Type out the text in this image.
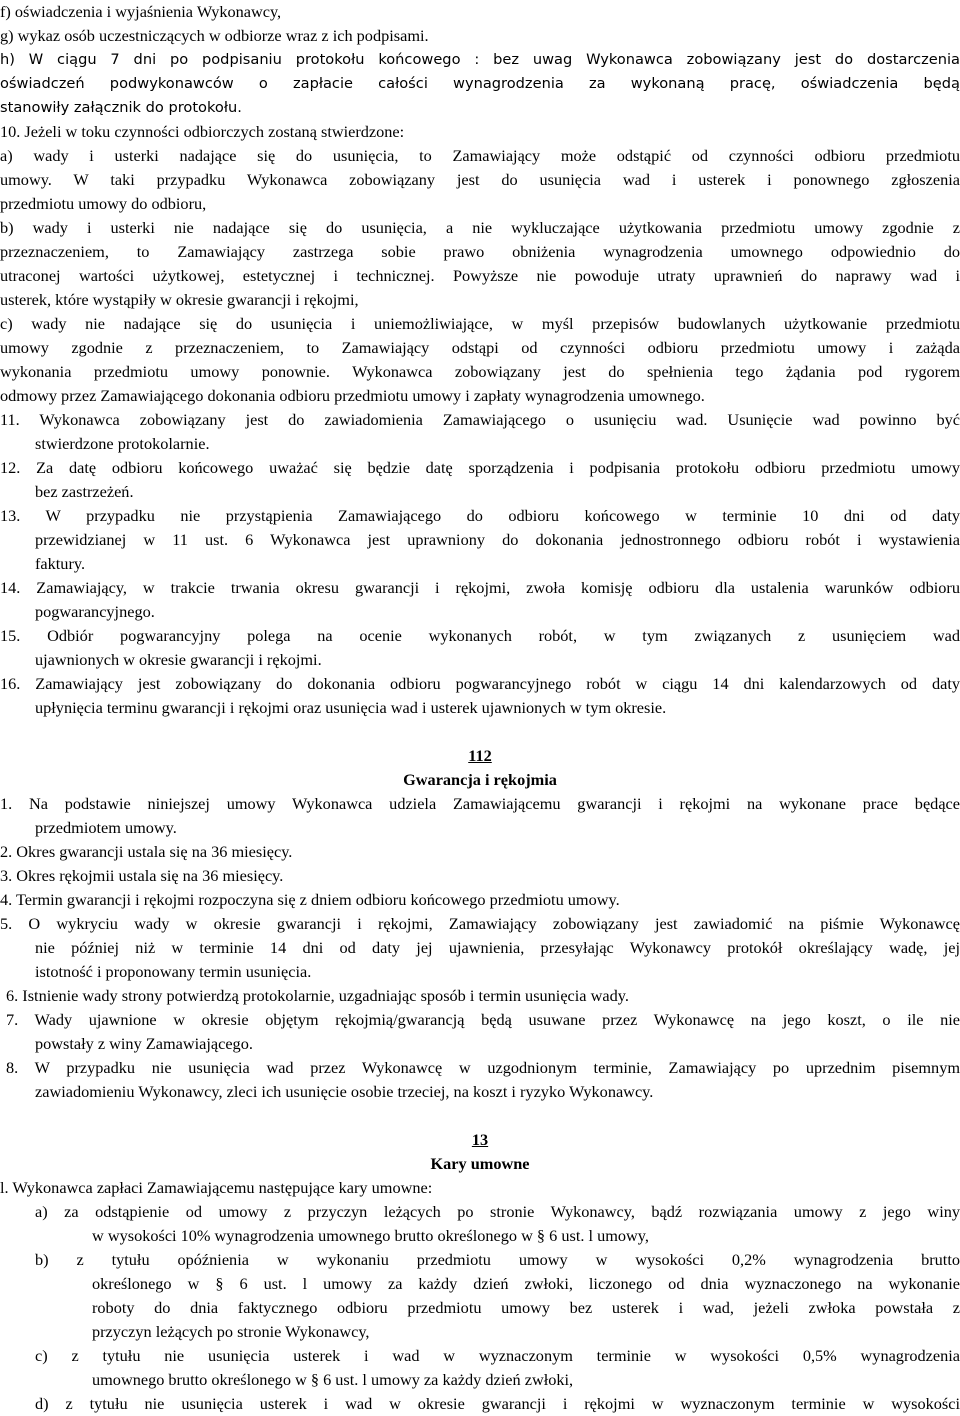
f) oświadczenia i wyjaśnienia Wykonawcy,
g) wykaz osób uczestniczących w odbiorze wraz z ich podpisami.
h) W ciągu 7 dni po podpisaniu protokołu końcowego : bez uwag Wykonawca zobowiązany jest do dostarczenia
oświadczeń podwykonawców o zapłacie całości wynagrodzenia za wykonaną pracę, oświadczenia będą
stanowiły załącznik do protokołu.
10. Jeżeli w toku czynności odbiorczych zostaną stwierdzone:
a) wady i usterki nadające się do usunięcia, to Zamawiający może odstąpić od czynności odbioru przedmiotu
umowy. W taki przypadku Wykonawca zobowiązany jest do usunięcia wad i usterek i ponownego zgłoszenia
przedmiotu umowy do odbioru,
b) wady i usterki nie nadające się do usunięcia, a nie wykluczające użytkowania przedmiotu umowy zgodnie z
przeznaczeniem, to Zamawiający zastrzega sobie prawo obniżenia wynagrodzenia umownego odpowiednio do
utraconej wartości użytkowej, estetycznej i technicznej. Powyższe nie powoduje utraty uprawnień do naprawy wad i
usterek, które wystąpiły w okresie gwarancji i rękojmi,
c) wady nie nadające się do usunięcia i uniemożliwiające, w myśl przepisów budowlanych użytkowanie przedmiotu
umowy zgodnie z przeznaczeniem, to Zamawiający odstąpi od czynności odbioru przedmiotu umowy i zażąda
wykonania przedmiotu umowy ponownie. Wykonawca zobowiązany jest do spełnienia tego żądania pod rygorem
odmowy przez Zamawiającego dokonania odbioru przedmiotu umowy i zapłaty wynagrodzenia umownego.
11. Wykonawca zobowiązany jest do zawiadomienia Zamawiającego o usunięciu wad. Usunięcie wad powinno być
stwierdzone protokolarnie.
12. Za datę odbioru końcowego uważać się będzie datę sporządzenia i podpisania protokołu odbioru przedmiotu umowy
bez zastrzeżeń.
13. W przypadku nie przystąpienia Zamawiającego do odbioru końcowego w terminie 10 dni od daty
przewidzianej w 11 ust. 6 Wykonawca jest uprawniony do dokonania jednostronnego odbioru robót i wystawienia
faktury.
14. Zamawiający, w trakcie trwania okresu gwarancji i rękojmi, zwoła komisję odbioru dla ustalenia warunków odbioru
pogwarancyjnego.
15. Odbiór pogwarancyjny polega na ocenie wykonanych robót, w tym związanych z usunięciem wad
ujawnionych w okresie gwarancji i rękojmi.
16. Zamawiający jest zobowiązany do dokonania odbioru pogwarancyjnego robót w ciągu 14 dni kalendarzowych od daty
upłynięcia terminu gwarancji i rękojmi oraz usunięcia wad i usterek ujawnionych w tym okresie.
112
Gwarancja i rękojmia
1. Na podstawie niniejszej umowy Wykonawca udziela Zamawiającemu gwarancji i rękojmi na wykonane prace będące
przedmiotem umowy.
2. Okres gwarancji ustala się na 36 miesięcy.
3. Okres rękojmii ustala się na 36 miesięcy.
4. Termin gwarancji i rękojmi rozpoczyna się z dniem odbioru końcowego przedmiotu umowy.
5. O wykryciu wady w okresie gwarancji i rękojmi, Zamawiający zobowiązany jest zawiadomić na piśmie Wykonawcę
nie później niż w terminie 14 dni od daty jej ujawnienia, przesyłając Wykonawcy protokół określający wadę, jej
istotność i proponowany termin usunięcia.
6. Istnienie wady strony potwierdzą protokolarnie, uzgadniając sposób i termin usunięcia wady.
7. Wady ujawnione w okresie objętym rękojmią/gwarancją będą usuwane przez Wykonawcę na jego koszt, o ile nie
powstały z winy Zamawiającego.
8. W przypadku nie usunięcia wad przez Wykonawcę w uzgodnionym terminie, Zamawiający po uprzednim pisemnym
zawiadomieniu Wykonawcy, zleci ich usunięcie osobie trzeciej, na koszt i ryzyko Wykonawcy.
13
Kary umowne
l. Wykonawca zapłaci Zamawiającemu następujące kary umowne:
a) za odstąpienie od umowy z przyczyn leżących po stronie Wykonawcy, bądź rozwiązania umowy z jego winy
w wysokości 10% wynagrodzenia umownego brutto określonego w § 6 ust. l umowy,
b) z tytułu opóźnienia w wykonaniu przedmiotu umowy w wysokości 0,2% wynagrodzenia brutto
określonego w § 6 ust. l umowy za każdy dzień zwłoki, liczonego od dnia wyznaczonego na wykonanie
roboty do dnia faktycznego odbioru przedmiotu umowy bez usterek i wad, jeżeli zwłoka powstała z
przyczyn leżących po stronie Wykonawcy,
c) z tytułu nie usunięcia usterek i wad w wyznaczonym terminie w wysokości 0,5% wynagrodzenia
umownego brutto określonego w § 6 ust. l umowy za każdy dzień zwłoki,
d) z tytułu nie usunięcia usterek i wad w okresie gwarancji i rękojmi w wyznaczonym terminie w wysokości
